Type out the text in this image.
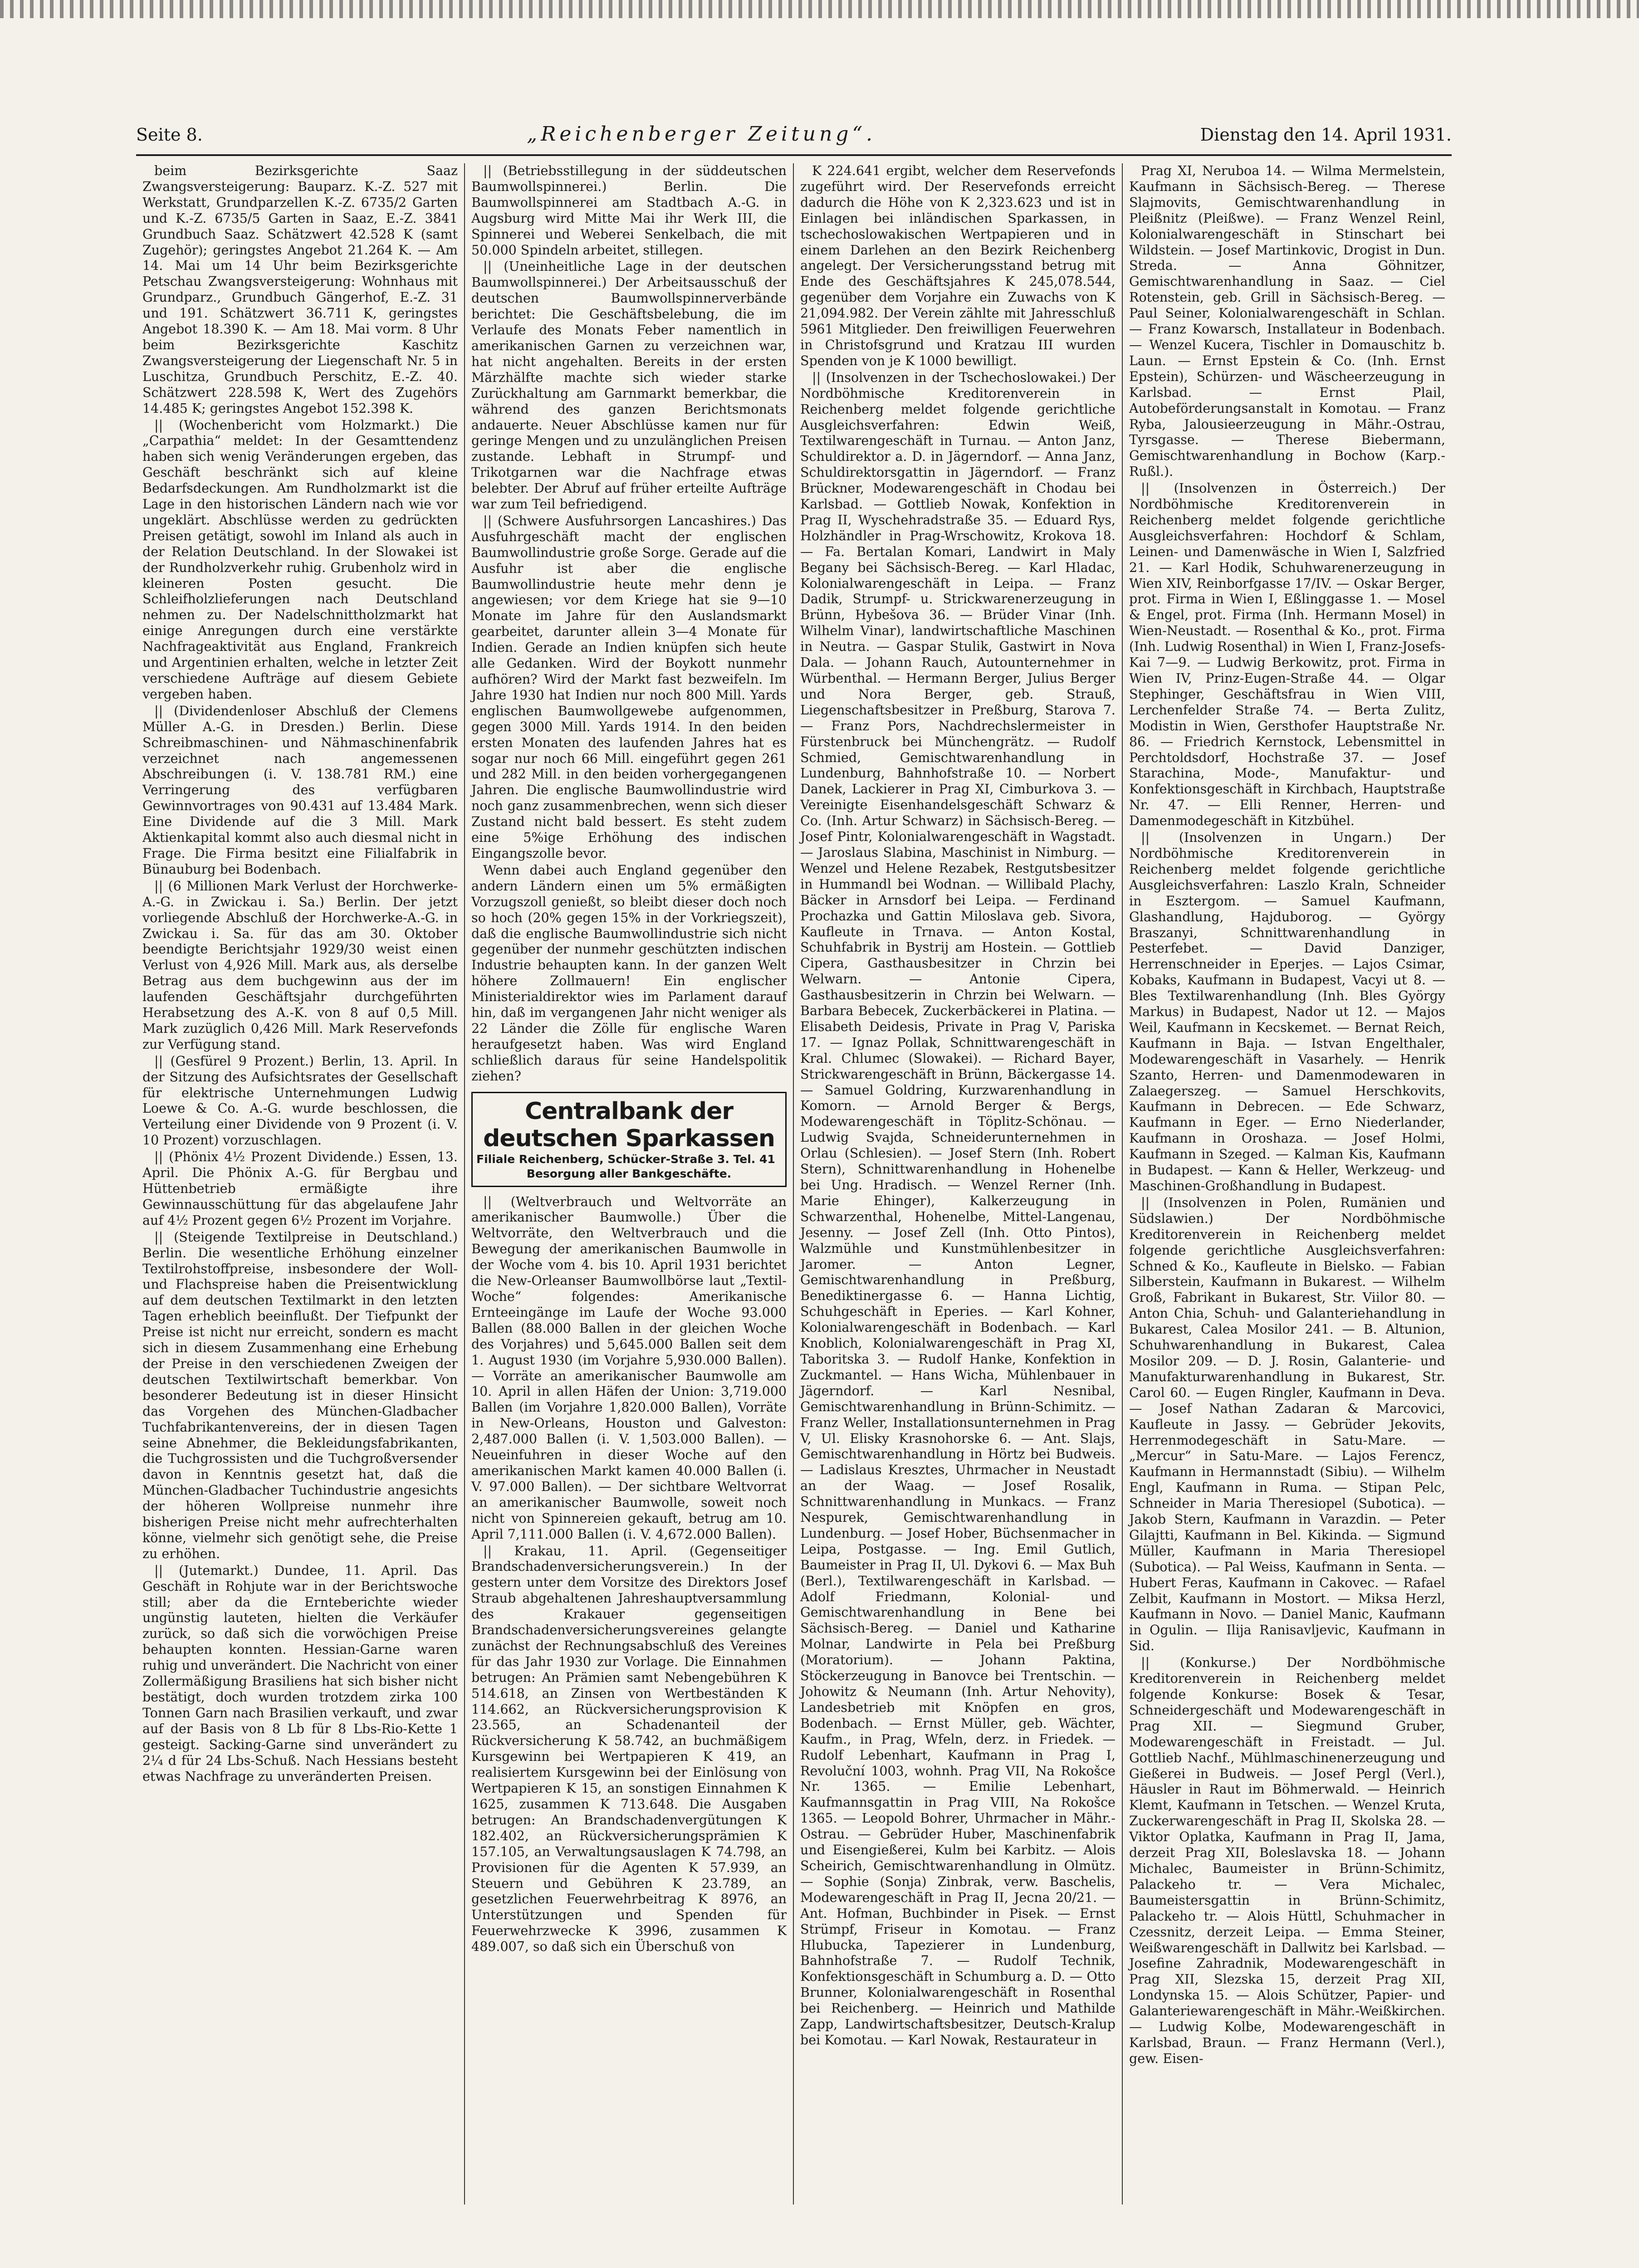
Seite 8.	„Reichenberger Zeitung“.	Dienstag den 14. April 1931.

beim Bezirksgerichte Saaz Zwangsversteigerung: Bauparz. K.-Z. 527 mit Werkstatt, Grundparzellen K.-Z. 6735/2 Garten und K.-Z. 6735/5 Garten in Saaz, E.-Z. 3841 Grundbuch Saaz. Schätzwert 42.528 K (samt Zugehör); geringstes Angebot 21.264 K. — Am 14. Mai um 14 Uhr beim Bezirksgerichte Petschau Zwangsversteigerung: Wohnhaus mit Grundparz., Grundbuch Gängerhof, E.-Z. 31 und 191. Schätzwert 36.711 K, geringstes Angebot 18.390 K. — Am 18. Mai vorm. 8 Uhr beim Bezirksgerichte Kaschitz Zwangsversteigerung der Liegenschaft Nr. 5 in Luschitza, Grundbuch Perschitz, E.-Z. 40. Schätzwert 228.598 K, Wert des Zugehörs 14.485 K; geringstes Angebot 152.398 K.

|| (Wochenbericht vom Holzmarkt.) Die „Carpathia“ meldet: In der Gesamttendenz haben sich wenig Veränderungen ergeben, das Geschäft beschränkt sich auf kleine Bedarfsdeckungen. Am Rundholzmarkt ist die Lage in den historischen Ländern nach wie vor ungeklärt. Abschlüsse werden zu gedrückten Preisen getätigt, sowohl im Inland als auch in der Relation Deutschland. In der Slowakei ist der Rundholzverkehr ruhig. Grubenholz wird in kleineren Posten gesucht. Die Schleifholzlieferungen nach Deutschland nehmen zu. Der Nadelschnittholzmarkt hat einige Anregungen durch eine verstärkte Nachfrageaktivität aus England, Frankreich und Argentinien erhalten, welche in letzter Zeit verschiedene Aufträge auf diesem Gebiete vergeben haben.

|| (Dividendenloser Abschluß der Clemens Müller A.-G. in Dresden.) Berlin. Diese Schreibmaschinen- und Nähmaschinenfabrik verzeichnet nach angemessenen Abschreibungen (i. V. 138.781 RM.) eine Verringerung des verfügbaren Gewinnvortrages von 90.431 auf 13.484 Mark. Eine Dividende auf die 3 Mill. Mark Aktienkapital kommt also auch diesmal nicht in Frage. Die Firma besitzt eine Filialfabrik in Bünauburg bei Bodenbach.

|| (6 Millionen Mark Verlust der Horchwerke-A.-G. in Zwickau i. Sa.) Berlin. Der jetzt vorliegende Abschluß der Horchwerke-A.-G. in Zwickau i. Sa. für das am 30. Oktober beendigte Berichtsjahr 1929/30 weist einen Verlust von 4,926 Mill. Mark aus, als derselbe Betrag aus dem buchgewinn aus der im laufenden Geschäftsjahr durchgeführten Herabsetzung des A.-K. von 8 auf 0,5 Mill. Mark zuzüglich 0,426 Mill. Mark Reservefonds zur Verfügung stand.

|| (Gesfürel 9 Prozent.) Berlin, 13. April. In der Sitzung des Aufsichtsrates der Gesellschaft für elektrische Unternehmungen Ludwig Loewe & Co. A.-G. wurde beschlossen, die Verteilung einer Dividende von 9 Prozent (i. V. 10 Prozent) vorzuschlagen.

|| (Phönix 4½ Prozent Dividende.) Essen, 13. April. Die Phönix A.-G. für Bergbau und Hüttenbetrieb ermäßigte ihre Gewinnausschüttung für das abgelaufene Jahr auf 4½ Prozent gegen 6½ Prozent im Vorjahre.

|| (Steigende Textilpreise in Deutschland.) Berlin. Die wesentliche Erhöhung einzelner Textilrohstoffpreise, insbesondere der Woll- und Flachspreise haben die Preisentwicklung auf dem deutschen Textilmarkt in den letzten Tagen erheblich beeinflußt. Der Tiefpunkt der Preise ist nicht nur erreicht, sondern es macht sich in diesem Zusammenhang eine Erhebung der Preise in den verschiedenen Zweigen der deutschen Textilwirtschaft bemerkbar. Von besonderer Bedeutung ist in dieser Hinsicht das Vorgehen des München-Gladbacher Tuchfabrikantenvereins, der in diesen Tagen seine Abnehmer, die Bekleidungsfabrikanten, die Tuchgrossisten und die Tuchgroßversender davon in Kenntnis gesetzt hat, daß die München-Gladbacher Tuchindustrie angesichts der höheren Wollpreise nunmehr ihre bisherigen Preise nicht mehr aufrechterhalten könne, vielmehr sich genötigt sehe, die Preise zu erhöhen.

|| (Jutemarkt.) Dundee, 11. April. Das Geschäft in Rohjute war in der Berichtswoche still; aber da die Ernteberichte wieder ungünstig lauteten, hielten die Verkäufer zurück, so daß sich die vorwöchigen Preise behaupten konnten. Hessian-Garne waren ruhig und unverändert. Die Nachricht von einer Zollermäßigung Brasiliens hat sich bisher nicht bestätigt, doch wurden trotzdem zirka 100 Tonnen Garn nach Brasilien verkauft, und zwar auf der Basis von 8 Lb für 8 Lbs-Rio-Kette 1 gesteigt. Sacking-Garne sind unverändert zu 2¼ d für 24 Lbs-Schuß. Nach Hessians besteht etwas Nachfrage zu unveränderten Preisen.

|| (Betriebsstillegung in der süddeutschen Baumwollspinnerei.) Berlin. Die Baumwollspinnerei am Stadtbach A.-G. in Augsburg wird Mitte Mai ihr Werk III, die Spinnerei und Weberei Senkelbach, die mit 50.000 Spindeln arbeitet, stillegen.

|| (Uneinheitliche Lage in der deutschen Baumwollspinnerei.) Der Arbeitsausschuß der deutschen Baumwollspinnerverbände berichtet: Die Geschäftsbelebung, die im Verlaufe des Monats Feber namentlich in amerikanischen Garnen zu verzeichnen war, hat nicht angehalten. Bereits in der ersten Märzhälfte machte sich wieder starke Zurückhaltung am Garnmarkt bemerkbar, die während des ganzen Berichtsmonats andauerte. Neuer Abschlüsse kamen nur für geringe Mengen und zu unzulänglichen Preisen zustande. Lebhaft in Strumpf- und Trikotgarnen war die Nachfrage etwas belebter. Der Abruf auf früher erteilte Aufträge war zum Teil befriedigend.

|| (Schwere Ausfuhrsorgen Lancashires.) Das Ausfuhrgeschäft macht der englischen Baumwollindustrie große Sorge. Gerade auf die Ausfuhr ist aber die englische Baumwollindustrie heute mehr denn je angewiesen; vor dem Kriege hat sie 9—10 Monate im Jahre für den Auslandsmarkt gearbeitet, darunter allein 3—4 Monate für Indien. Gerade an Indien knüpfen sich heute alle Gedanken. Wird der Boykott nunmehr aufhören? Wird der Markt fast bezweifeln. Im Jahre 1930 hat Indien nur noch 800 Mill. Yards englischen Baumwollgewebe aufgenommen, gegen 3000 Mill. Yards 1914. In den beiden ersten Monaten des laufenden Jahres hat es sogar nur noch 66 Mill. eingeführt gegen 261 und 282 Mill. in den beiden vorhergegangenen Jahren. Die englische Baumwollindustrie wird noch ganz zusammenbrechen, wenn sich dieser Zustand nicht bald bessert. Es steht zudem eine 5%ige Erhöhung des indischen Eingangszolle bevor.

Wenn dabei auch England gegenüber den andern Ländern einen um 5% ermäßigten Vorzugszoll genießt, so bleibt dieser doch noch so hoch (20% gegen 15% in der Vorkriegszeit), daß die englische Baumwollindustrie sich nicht gegenüber der nunmehr geschützten indischen Industrie behaupten kann. In der ganzen Welt höhere Zollmauern! Ein englischer Ministerialdirektor wies im Parlament darauf hin, daß im vergangenen Jahr nicht weniger als 22 Länder die Zölle für englische Waren heraufgesetzt haben. Was wird England schließlich daraus für seine Handelspolitik ziehen?

Centralbank der deutschen Sparkassen
Filiale Reichenberg, Schücker-Straße 3. Tel. 41
Besorgung aller Bankgeschäfte.

|| (Weltverbrauch und Weltvorräte an amerikanischer Baumwolle.) Über die Weltvorräte, den Weltverbrauch und die Bewegung der amerikanischen Baumwolle in der Woche vom 4. bis 10. April 1931 berichtet die New-Orleanser Baumwollbörse laut „Textil-Woche“ folgendes: Amerikanische Ernteeingänge im Laufe der Woche 93.000 Ballen (88.000 Ballen in der gleichen Woche des Vorjahres) und 5,645.000 Ballen seit dem 1. August 1930 (im Vorjahre 5,930.000 Ballen). — Vorräte an amerikanischer Baumwolle am 10. April in allen Häfen der Union: 3,719.000 Ballen (im Vorjahre 1,820.000 Ballen), Vorräte in New-Orleans, Houston und Galveston: 2,487.000 Ballen (i. V. 1,503.000 Ballen). — Neueinfuhren in dieser Woche auf den amerikanischen Markt kamen 40.000 Ballen (i. V. 97.000 Ballen). — Der sichtbare Weltvorrat an amerikanischer Baumwolle, soweit noch nicht von Spinnereien gekauft, betrug am 10. April 7,111.000 Ballen (i. V. 4,672.000 Ballen).

|| Krakau, 11. April. (Gegenseitiger Brandschadenversicherungsverein.) In der gestern unter dem Vorsitze des Direktors Josef Straub abgehaltenen Jahreshauptversammlung des Krakauer gegenseitigen Brandschadenversicherungsvereines gelangte zunächst der Rechnungsabschluß des Vereines für das Jahr 1930 zur Vorlage. Die Einnahmen betrugen: An Prämien samt Nebengebühren K 514.618, an Zinsen von Wertbeständen K 114.662, an Rückversicherungsprovision K 23.565, an Schadenanteil der Rückversicherung K 58.742, an buchmäßigem Kursgewinn bei Wertpapieren K 419, an realisiertem Kursgewinn bei der Einlösung von Wertpapieren K 15, an sonstigen Einnahmen K 1625, zusammen K 713.648. Die Ausgaben betrugen: An Brandschadenvergütungen K 182.402, an Rückversicherungsprämien K 157.105, an Verwaltungsauslagen K 74.798, an Provisionen für die Agenten K 57.939, an Steuern und Gebühren K 23.789, an gesetzlichen Feuerwehrbeitrag K 8976, an Unterstützungen und Spenden für Feuerwehrzwecke K 3996, zusammen K 489.007, so daß sich ein Überschuß von

K 224.641 ergibt, welcher dem Reservefonds zugeführt wird. Der Reservefonds erreicht dadurch die Höhe von K 2,323.623 und ist in Einlagen bei inländischen Sparkassen, in tschechoslowakischen Wertpapieren und in einem Darlehen an den Bezirk Reichenberg angelegt. Der Versicherungsstand betrug mit Ende des Geschäftsjahres K 245,078.544, gegenüber dem Vorjahre ein Zuwachs von K 21,094.982. Der Verein zählte mit Jahresschluß 5961 Mitglieder. Den freiwilligen Feuerwehren in Christofsgrund und Kratzau III wurden Spenden von je K 1000 bewilligt.

|| (Insolvenzen in der Tschechoslowakei.) Der Nordböhmische Kreditorenverein in Reichenberg meldet folgende gerichtliche Ausgleichsverfahren: Edwin Weiß, Textilwarengeschäft in Turnau. — Anton Janz, Schuldirektor a. D. in Jägerndorf. — Anna Janz, Schuldirektorsgattin in Jägerndorf. — Franz Brückner, Modewarengeschäft in Chodau bei Karlsbad. — Gottlieb Nowak, Konfektion in Prag II, Wyschehradstraße 35. — Eduard Rys, Holzhändler in Prag-Wrschowitz, Krokova 18. — Fa. Bertalan Komari, Landwirt in Maly Begany bei Sächsisch-Bereg. — Karl Hladac, Kolonialwarengeschäft in Leipa. — Franz Dadik, Strumpf- u. Strickwarenerzeugung in Brünn, Hybešova 36. — Brüder Vinar (Inh. Wilhelm Vinar), landwirtschaftliche Maschinen in Neutra. — Gaspar Stulik, Gastwirt in Nova Dala. — Johann Rauch, Autounternehmer in Würbenthal. — Hermann Berger, Julius Berger und Nora Berger, geb. Strauß, Liegenschaftsbesitzer in Preßburg, Starova 7. — Franz Pors, Nachdrechslermeister in Fürstenbruck bei Münchengrätz. — Rudolf Schmied, Gemischtwarenhandlung in Lundenburg, Bahnhofstraße 10. — Norbert Danek, Lackierer in Prag XI, Cimburkova 3. — Vereinigte Eisenhandelsgeschäft Schwarz & Co. (Inh. Artur Schwarz) in Sächsisch-Bereg. — Josef Pintr, Kolonialwarengeschäft in Wagstadt. — Jaroslaus Slabina, Maschinist in Nimburg. — Wenzel und Helene Rezabek, Restgutsbesitzer in Hummandl bei Wodnan. — Willibald Plachy, Bäcker in Arnsdorf bei Leipa. — Ferdinand Prochazka und Gattin Miloslava geb. Sivora, Kaufleute in Trnava. — Anton Kostal, Schuhfabrik in Bystrij am Hostein. — Gottlieb Cipera, Gasthausbesitzer in Chrzin bei Welwarn. — Antonie Cipera, Gasthausbesitzerin in Chrzin bei Welwarn. — Barbara Bebecek, Zuckerbäckerei in Platina. — Elisabeth Deidesis, Private in Prag V, Pariska 17. — Ignaz Pollak, Schnittwarengeschäft in Kral. Chlumec (Slowakei). — Richard Bayer, Strickwarengeschäft in Brünn, Bäckergasse 14. — Samuel Goldring, Kurzwarenhandlung in Komorn. — Arnold Berger & Bergs, Modewarengeschäft in Töplitz-Schönau. — Ludwig Svajda, Schneiderunternehmen in Orlau (Schlesien). — Josef Stern (Inh. Robert Stern), Schnittwarenhandlung in Hohenelbe bei Ung. Hradisch. — Wenzel Rerner (Inh. Marie Ehinger), Kalkerzeugung in Schwarzenthal, Hohenelbe, Mittel-Langenau, Jesenny. — Josef Zell (Inh. Otto Pintos), Walzmühle und Kunstmühlenbesitzer in Jaromer. — Anton Legner, Gemischtwarenhandlung in Preßburg, Benediktinergasse 6. — Hanna Lichtig, Schuhgeschäft in Eperies. — Karl Kohner, Kolonialwarengeschäft in Bodenbach. — Karl Knoblich, Kolonialwarengeschäft in Prag XI, Taboritska 3. — Rudolf Hanke, Konfektion in Zuckmantel. — Hans Wicha, Mühlenbauer in Jägerndorf. — Karl Nesnibal, Gemischtwarenhandlung in Brünn-Schimitz. — Franz Weller, Installationsunternehmen in Prag V, Ul. Elisky Krasnohorske 6. — Ant. Slajs, Gemischtwarenhandlung in Hörtz bei Budweis. — Ladislaus Kresztes, Uhrmacher in Neustadt an der Waag. — Josef Rosalik, Schnittwarenhandlung in Munkacs. — Franz Nespurek, Gemischtwarenhandlung in Lundenburg. — Josef Hober, Büchsenmacher in Leipa, Postgasse. — Ing. Emil Gutlich, Baumeister in Prag II, Ul. Dykovi 6. — Max Buh (Berl.), Textilwarengeschäft in Karlsbad. — Adolf Friedmann, Kolonial- und Gemischtwarenhandlung in Bene bei Sächsisch-Bereg. — Daniel und Katharine Molnar, Landwirte in Pela bei Preßburg (Moratorium). — Johann Paktina, Stöckerzeugung in Banovce bei Trentschin. — Johowitz & Neumann (Inh. Artur Nehovity), Landesbetrieb mit Knöpfen en gros, Bodenbach. — Ernst Müller, geb. Wächter, Kaufm., in Prag, Wfeln, derz. in Friedek. — Rudolf Lebenhart, Kaufmann in Prag I, Revoluční 1003, wohnh. Prag VII, Na Rokošce Nr. 1365. — Emilie Lebenhart, Kaufmannsgattin in Prag VIII, Na Rokošce 1365. — Leopold Bohrer, Uhrmacher in Mähr.-Ostrau. — Gebrüder Huber, Maschinenfabrik und Eisengießerei, Kulm bei Karbitz. — Alois Scheirich, Gemischtwarenhandlung in Olmütz. — Sophie (Sonja) Zinbrak, verw. Baschelis, Modewarengeschäft in Prag II, Jecna 20/21. — Ant. Hofman, Buchbinder in Pisek. — Ernst Strümpf, Friseur in Komotau. — Franz Hlubucka, Tapezierer in Lundenburg, Bahnhofstraße 7. — Rudolf Technik, Konfektionsgeschäft in Schumburg a. D. — Otto Brunner, Kolonialwarengeschäft in Rosenthal bei Reichenberg. — Heinrich und Mathilde Zapp, Landwirtschaftsbesitzer, Deutsch-Kralup bei Komotau. — Karl Nowak, Restaurateur in

Prag XI, Neruboa 14. — Wilma Mermelstein, Kaufmann in Sächsisch-Bereg. — Therese Slajmovits, Gemischtwarenhandlung in Pleißnitz (Pleißwe). — Franz Wenzel Reinl, Kolonialwarengeschäft in Stinschart bei Wildstein. — Josef Martinkovic, Drogist in Dun. Streda. — Anna Göhnitzer, Gemischtwarenhandlung in Saaz. — Ciel Rotenstein, geb. Grill in Sächsisch-Bereg. — Paul Seiner, Kolonialwarengeschäft in Schlan. — Franz Kowarsch, Installateur in Bodenbach. — Wenzel Kucera, Tischler in Domauschitz b. Laun. — Ernst Epstein & Co. (Inh. Ernst Epstein), Schürzen- und Wäscheerzeugung in Karlsbad. — Ernst Plail, Autobeförderungsanstalt in Komotau. — Franz Ryba, Jalousieerzeugung in Mähr.-Ostrau, Tyrsgasse. — Therese Biebermann, Gemischtwarenhandlung in Bochow (Karp.-Rußl.).

|| (Insolvenzen in Österreich.) Der Nordböhmische Kreditorenverein in Reichenberg meldet folgende gerichtliche Ausgleichsverfahren: Hochdorf & Schlam, Leinen- und Damenwäsche in Wien I, Salzfried 21. — Karl Hodik, Schuhwarenerzeugung in Wien XIV, Reinborfgasse 17/IV. — Oskar Berger, prot. Firma in Wien I, Eßlinggasse 1. — Mosel & Engel, prot. Firma (Inh. Hermann Mosel) in Wien-Neustadt. — Rosenthal & Ko., prot. Firma (Inh. Ludwig Rosenthal) in Wien I, Franz-Josefs-Kai 7—9. — Ludwig Berkowitz, prot. Firma in Wien IV, Prinz-Eugen-Straße 44. — Olgar Stephinger, Geschäftsfrau in Wien VIII, Lerchenfelder Straße 74. — Berta Zulitz, Modistin in Wien, Gersthofer Hauptstraße Nr. 86. — Friedrich Kernstock, Lebensmittel in Perchtoldsdorf, Hochstraße 37. — Josef Starachina, Mode-, Manufaktur- und Konfektionsgeschäft in Kirchbach, Hauptstraße Nr. 47. — Elli Renner, Herren- und Damenmodegeschäft in Kitzbühel.

|| (Insolvenzen in Ungarn.) Der Nordböhmische Kreditorenverein in Reichenberg meldet folgende gerichtliche Ausgleichsverfahren: Laszlo Kraln, Schneider in Esztergom. — Samuel Kaufmann, Glashandlung, Hajduborog. — György Braszanyi, Schnittwarenhandlung in Pesterfebet. — David Danziger, Herrenschneider in Eperjes. — Lajos Csimar, Kobaks, Kaufmann in Budapest, Vacyi ut 8. — Bles Textilwarenhandlung (Inh. Bles György Markus) in Budapest, Nador ut 12. — Majos Weil, Kaufmann in Kecskemet. — Bernat Reich, Kaufmann in Baja. — Istvan Engelthaler, Modewarengeschäft in Vasarhely. — Henrik Szanto, Herren- und Damenmodewaren in Zalaegerszeg. — Samuel Herschkovits, Kaufmann in Debrecen. — Ede Schwarz, Kaufmann in Eger. — Erno Niederlander, Kaufmann in Oroshaza. — Josef Holmi, Kaufmann in Szeged. — Kalman Kis, Kaufmann in Budapest. — Kann & Heller, Werkzeug- und Maschinen-Großhandlung in Budapest.

|| (Insolvenzen in Polen, Rumänien und Südslawien.) Der Nordböhmische Kreditorenverein in Reichenberg meldet folgende gerichtliche Ausgleichsverfahren: Schned & Ko., Kaufleute in Bielsko. — Fabian Silberstein, Kaufmann in Bukarest. — Wilhelm Groß, Fabrikant in Bukarest, Str. Viilor 80. — Anton Chia, Schuh- und Galanteriehandlung in Bukarest, Calea Mosilor 241. — B. Altunion, Schuhwarenhandlung in Bukarest, Calea Mosilor 209. — D. J. Rosin, Galanterie- und Manufakturwarenhandlung in Bukarest, Str. Carol 60. — Eugen Ringler, Kaufmann in Deva. — Josef Nathan Zadaran & Marcovici, Kaufleute in Jassy. — Gebrüder Jekovits, Herrenmodegeschäft in Satu-Mare. — „Mercur“ in Satu-Mare. — Lajos Ferencz, Kaufmann in Hermannstadt (Sibiu). — Wilhelm Engl, Kaufmann in Ruma. — Stipan Pelc, Schneider in Maria Theresiopel (Subotica). — Jakob Stern, Kaufmann in Varazdin. — Peter Gilajtti, Kaufmann in Bel. Kikinda. — Sigmund Müller, Kaufmann in Maria Theresiopel (Subotica). — Pal Weiss, Kaufmann in Senta. — Hubert Feras, Kaufmann in Cakovec. — Rafael Zelbit, Kaufmann in Mostort. — Miksa Herzl, Kaufmann in Novo. — Daniel Manic, Kaufmann in Ogulin. — Ilija Ranisavljevic, Kaufmann in Sid.

|| (Konkurse.) Der Nordböhmische Kreditorenverein in Reichenberg meldet folgende Konkurse: Bosek & Tesar, Schneidergeschäft und Modewarengeschäft in Prag XII. — Siegmund Gruber, Modewarengeschäft in Freistadt. — Jul. Gottlieb Nachf., Mühlmaschinenerzeugung und Gießerei in Budweis. — Josef Pergl (Verl.), Häusler in Raut im Böhmerwald. — Heinrich Klemt, Kaufmann in Tetschen. — Wenzel Kruta, Zuckerwarengeschäft in Prag II, Skolska 28. — Viktor Oplatka, Kaufmann in Prag II, Jama, derzeit Prag XII, Boleslavska 18. — Johann Michalec, Baumeister in Brünn-Schimitz, Palackeho tr. — Vera Michalec, Baumeistersgattin in Brünn-Schimitz, Palackeho tr. — Alois Hüttl, Schuhmacher in Czessnitz, derzeit Leipa. — Emma Steiner, Weißwarengeschäft in Dallwitz bei Karlsbad. — Josefine Zahradnik, Modewarengeschäft in Prag XII, Slezska 15, derzeit Prag XII, Londynska 15. — Alois Schützer, Papier- und Galanteriewarengeschäft in Mähr.-Weißkirchen. — Ludwig Kolbe, Modewarengeschäft in Karlsbad, Braun. — Franz Hermann (Verl.), gew. Eisen-
